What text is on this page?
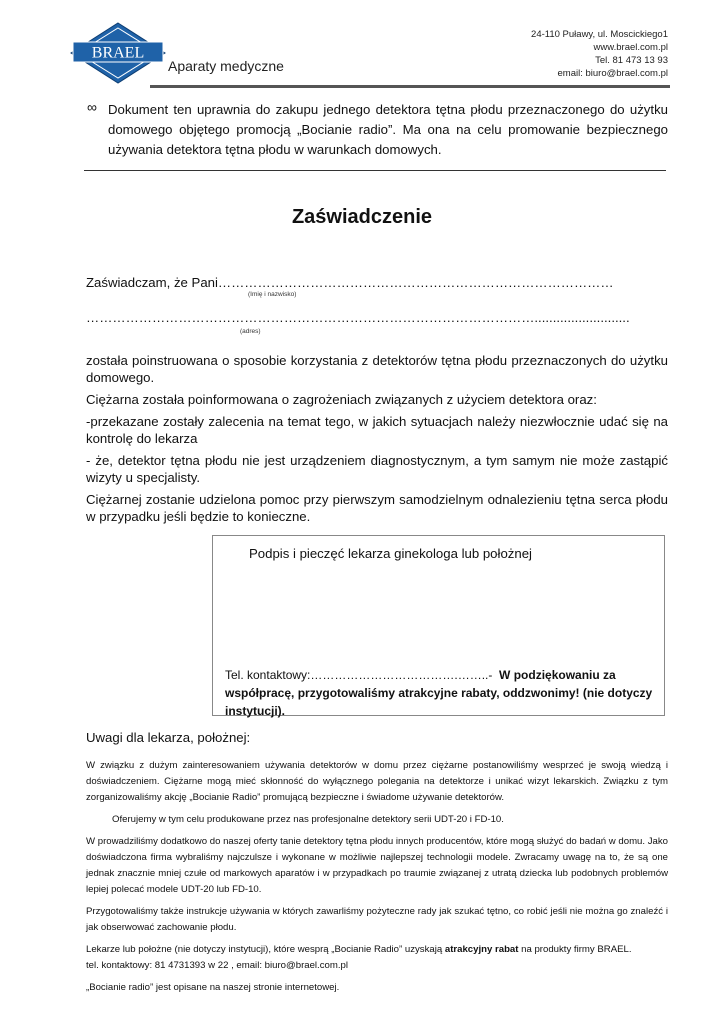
BRAEL
Aparaty medyczne
24-110 Puławy, ul. Moscickiego1
www.brael.com.pl
Tel. 81 473 13 93
email: biuro@brael.com.pl
∞ Dokument ten uprawnia do zakupu jednego detektora tętna płodu przeznaczonego do użytku domowego objętego promocją „Bocianie radio”. Ma ona na celu promowanie bezpiecznego używania detektora tętna płodu w warunkach domowych.
Zaświadczenie
Zaświadczam, że Pani………………………………………………………………………………
(Imię i nazwisko)
…………………………………………………………………………………………..........................
(adres)

została poinstruowana o sposobie korzystania z detektorów tętna płodu przeznaczonych do użytku domowego.

Ciężarna została poinformowana o zagrożeniach związanych z użyciem detektora oraz:

-przekazane zostały zalecenia na temat tego, w jakich sytuacjach należy niezwłocznie udać się na kontrolę do lekarza

- że, detektor tętna płodu nie jest urządzeniem diagnostycznym, a tym samym nie może zastąpić wizyty u specjalisty.

Ciężarnej zostanie udzielona pomoc przy pierwszym samodzielnym odnalezieniu tętna serca płodu w przypadku jeśli będzie to konieczne.

Podpis i pieczęć lekarza ginekologa lub położnej
Tel. kontaktowy:……………………………….……..- W podziękowaniu za współpracę, przygotowaliśmy atrakcyjne rabaty, oddzwonimy! (nie dotyczy instytucji).
Uwagi dla lekarza, położnej:

W związku z dużym zainteresowaniem używania detektorów w domu przez ciężarne postanowiliśmy wesprzeć je swoją wiedzą i doświadczeniem. Ciężarne mogą mieć skłonność do wyłącznego polegania na detektorze i unikać wizyt lekarskich. Związku z tym zorganizowaliśmy akcję „Bocianie Radio” promującą bezpieczne i świadome używanie detektorów.

Oferujemy w tym celu produkowane przez nas profesjonalne detektory serii UDT-20 i FD-10.

W prowadziliśmy dodatkowo do naszej oferty tanie detektory tętna płodu innych producentów, które mogą służyć do badań w domu. Jako doświadczona firma wybraliśmy najczulsze i wykonane w możliwie najlepszej technologii modele. Zwracamy uwagę na to, że są one jednak znacznie mniej czułe od markowych aparatów i w przypadkach po traumie związanej z utratą dziecka lub podobnych problemów lepiej polecać modele UDT-20 lub FD-10.

Przygotowaliśmy także instrukcje używania w których zawarliśmy pożyteczne rady jak szukać tętno, co robić jeśli nie można go znaleźć i jak obserwować zachowanie płodu.

Lekarze lub położne (nie dotyczy instytucji), które wesprą „Bocianie Radio” uzyskają atrakcyjny rabat na produkty firmy BRAEL.
tel. kontaktowy: 81 4731393 w 22 , email: biuro@brael.com.pl

„Bocianie radio” jest opisane na naszej stronie internetowej.
